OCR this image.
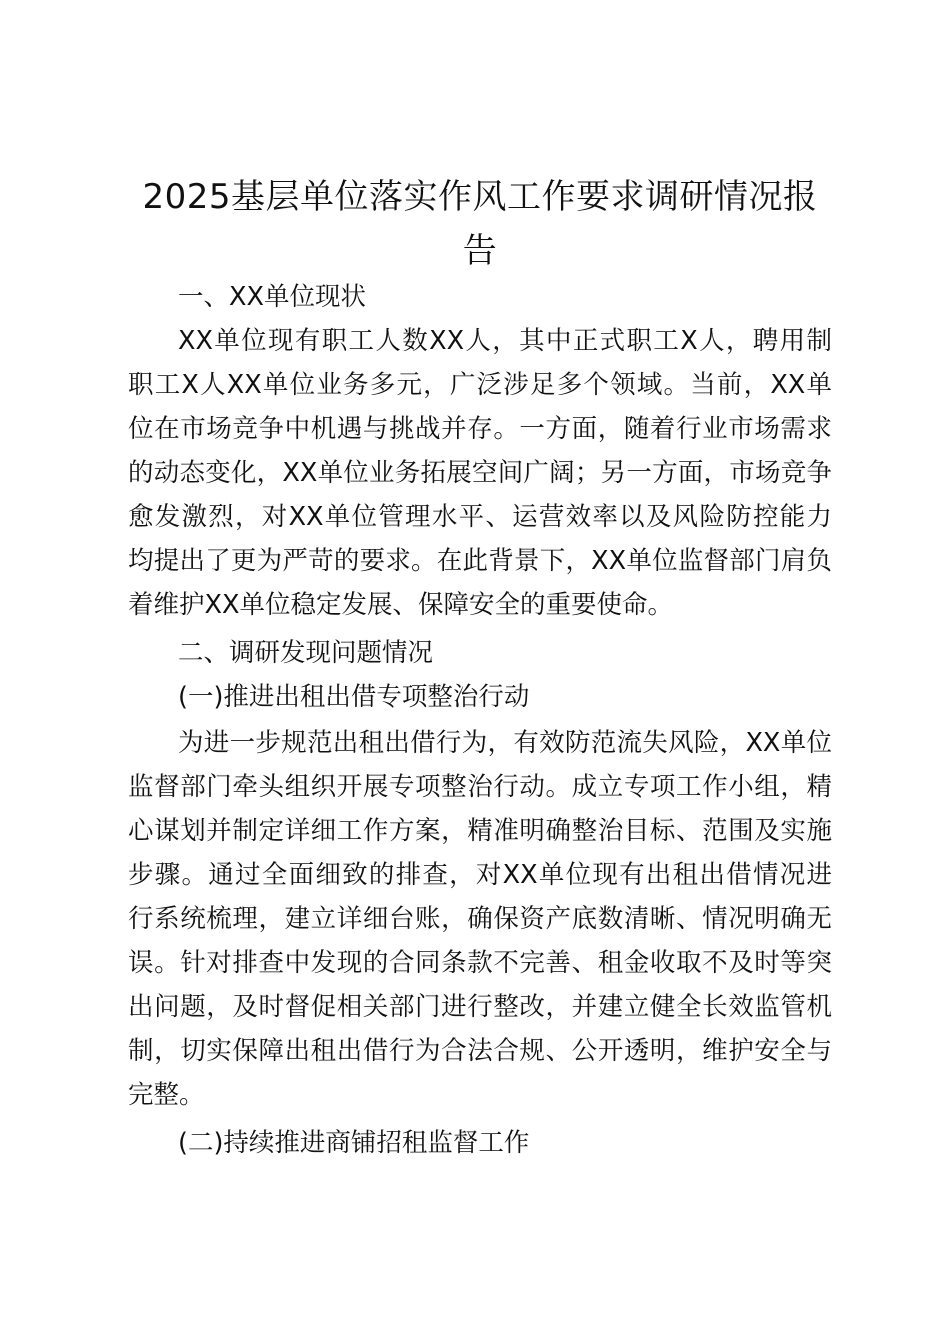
2025基层单位落实作风工作要求调研情况报
告
一、XX单位现状
XX单位现有职工人数XX人，其中正式职工X人，聘用制
职工X人XX单位业务多元，广泛涉足多个领域。当前，XX单
位在市场竞争中机遇与挑战并存。一方面，随着行业市场需求
的动态变化，XX单位业务拓展空间广阔；另一方面，市场竞争
愈发激烈，对XX单位管理水平、运营效率以及风险防控能力
均提出了更为严苛的要求。在此背景下，XX单位监督部门肩负
着维护XX单位稳定发展、保障安全的重要使命。
二、调研发现问题情况
(一)推进出租出借专项整治行动
为进一步规范出租出借行为，有效防范流失风险，XX单位
监督部门牵头组织开展专项整治行动。成立专项工作小组，精
心谋划并制定详细工作方案，精准明确整治目标、范围及实施
步骤。通过全面细致的排查，对XX单位现有出租出借情况进
行系统梳理，建立详细台账，确保资产底数清晰、情况明确无
误。针对排查中发现的合同条款不完善、租金收取不及时等突
出问题，及时督促相关部门进行整改，并建立健全长效监管机
制，切实保障出租出借行为合法合规、公开透明，维护安全与
完整。
(二)持续推进商铺招租监督工作
